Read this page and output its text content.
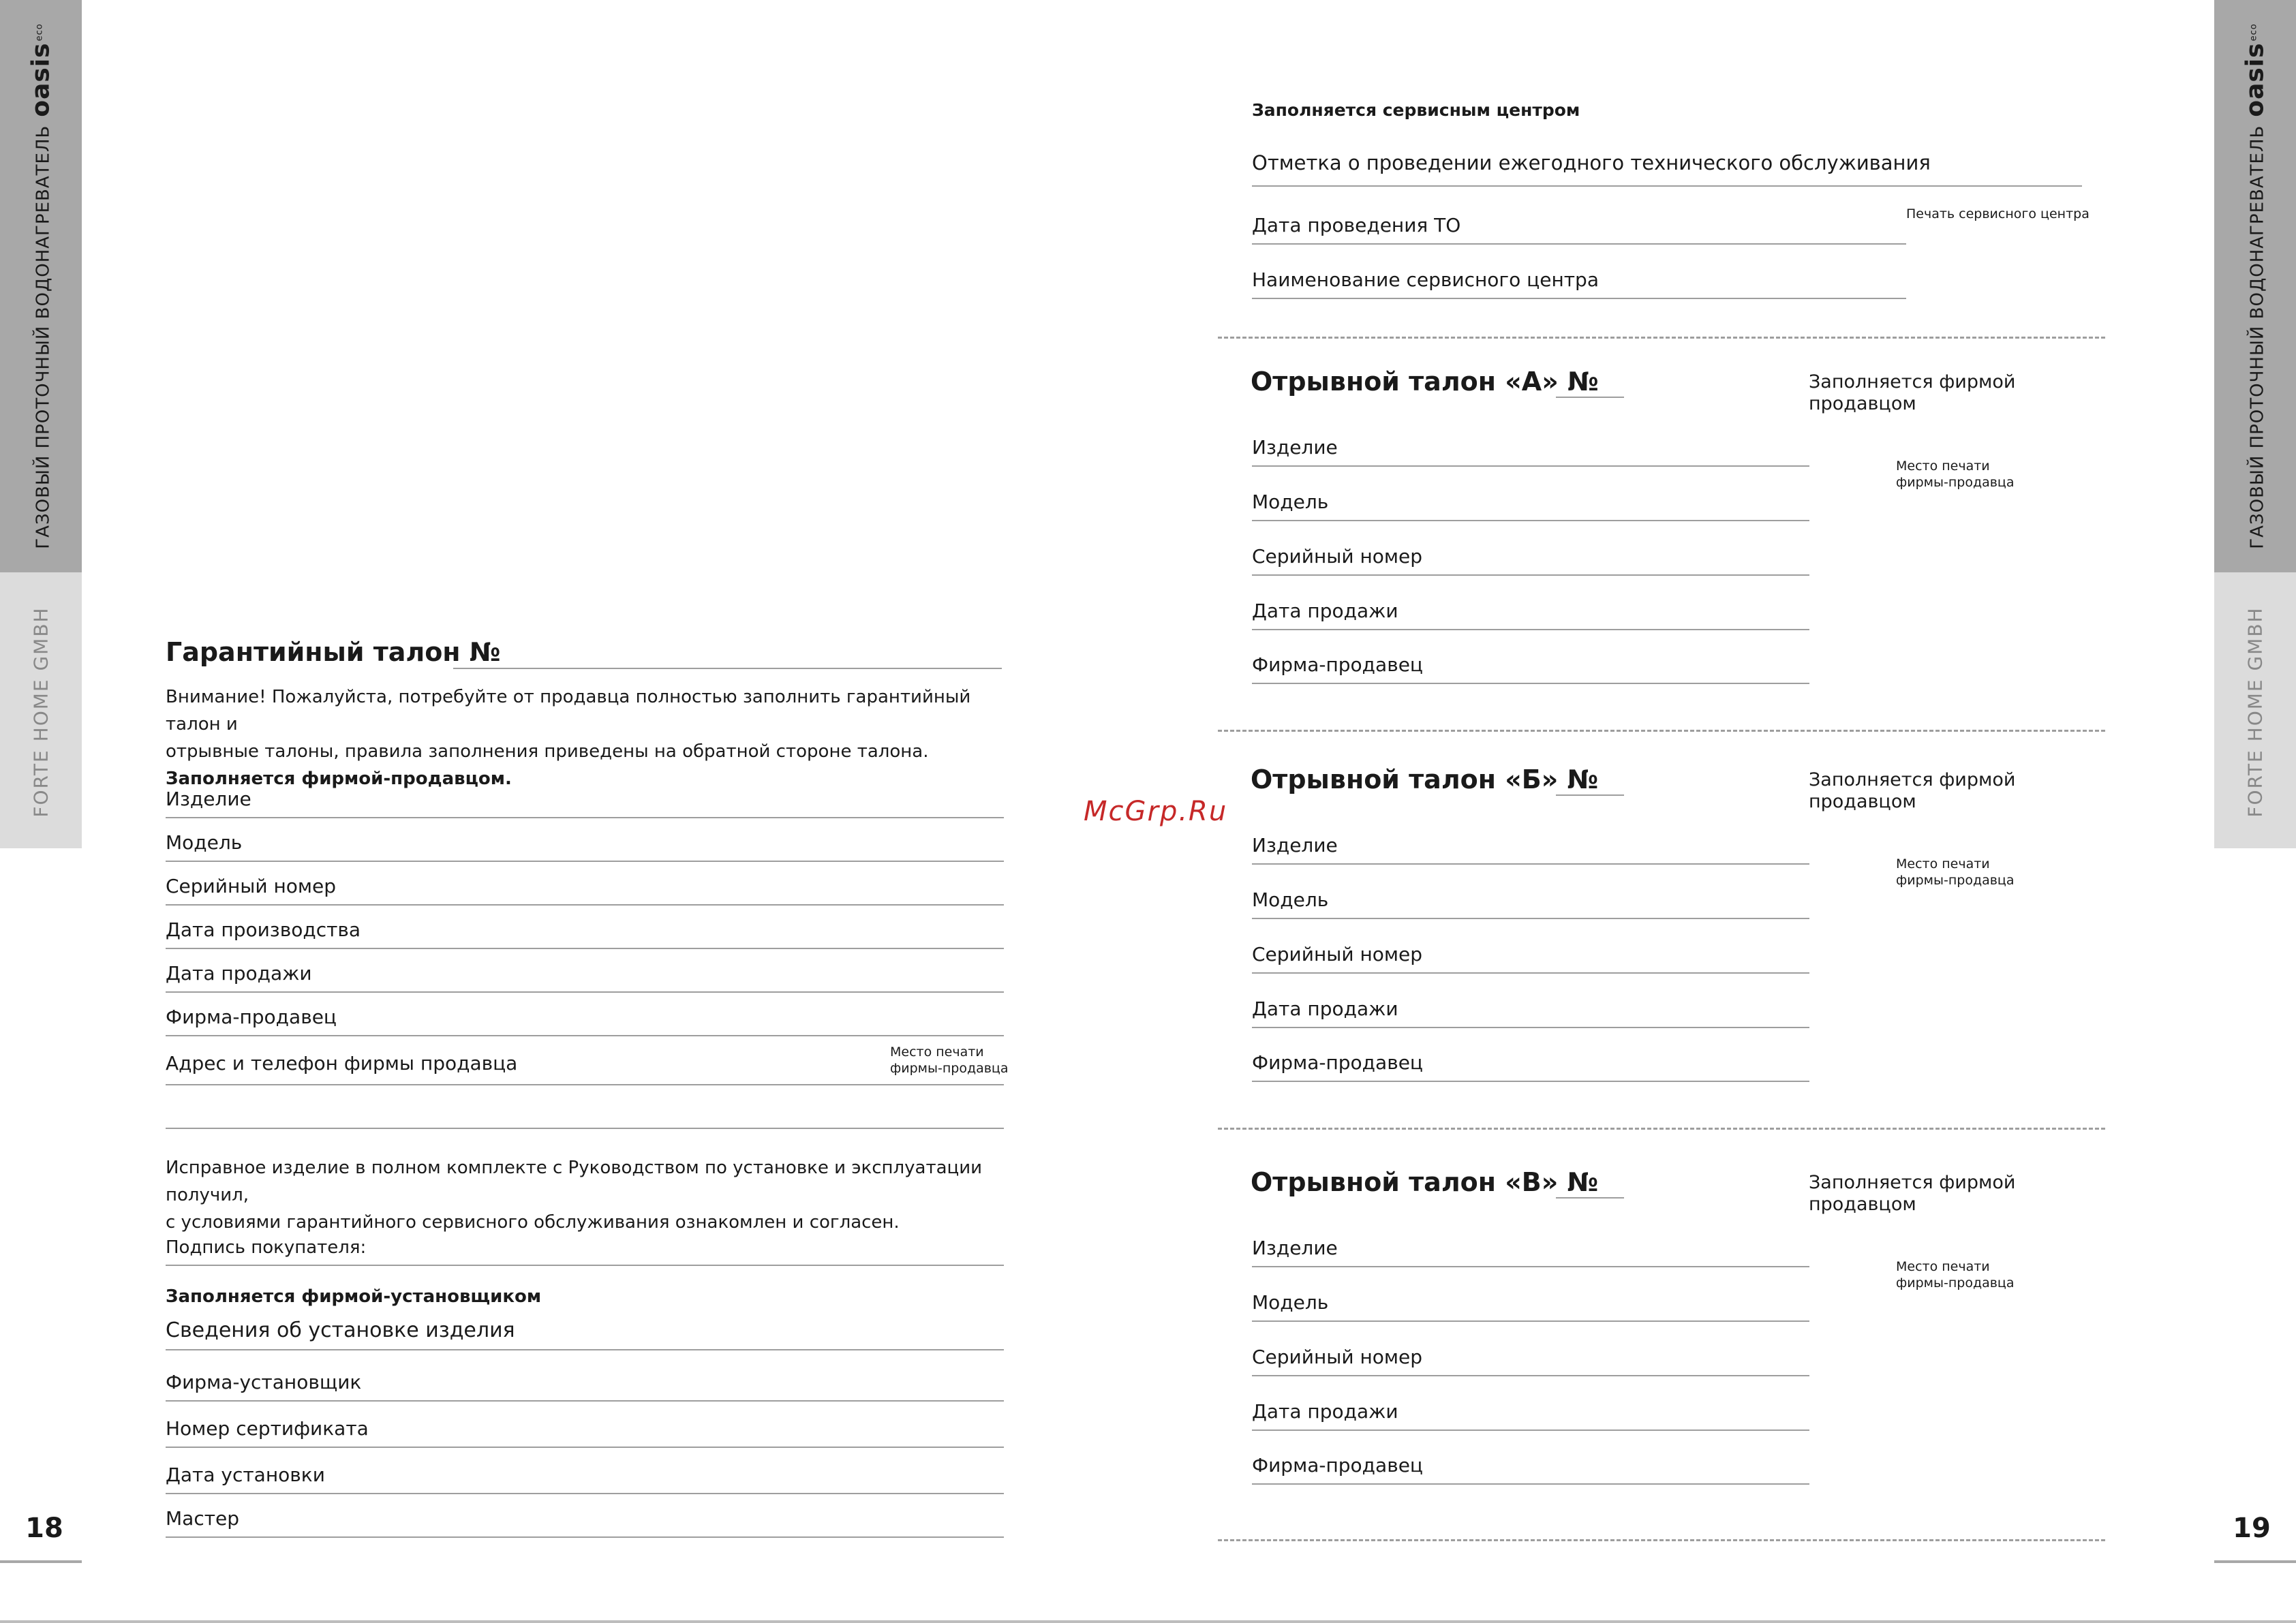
ГАЗОВЫЙ ПРОТОЧНЫЙ ВОДОНАГРЕВАТЕЛЬoasis$^{eco}$
FORTE HOME GMBH
ГАЗОВЫЙ ПРОТОЧНЫЙ ВОДОНАГРЕВАТЕЛЬoasis$^{eco}$
FORTE HOME GMBH
18	19
McGrp.Ru
Гарантийный талон №
Внимание! Пожалуйста, потребуйте от продавца полностью заполнить гарантийный талон и
отрывные талоны, правила заполнения приведены на обратной стороне талона.
Заполняется фирмой-продавцом.
Изделие
Модель
Серийный номер
Дата производства
Дата продажи
Фирма-продавец
Адрес и телефон фирмы продавца	Место печати
фирмы-продавца
Исправное изделие в полном комплекте с Руководством по установке и эксплуатации получил,
с условиями гарантийного сервисного обслуживания ознакомлен и согласен.
Подпись покупателя:
Заполняется фирмой-установщиком
Сведения об установке изделия
Фирма-установщик
Номер сертификата
Дата установки
Мастер
Заполняется сервисным центром
Отметка о проведении ежегодного технического обслуживания
Дата проведения ТО	Печать сервисного центра
Наименование сервисного центра
Отрывной талон «А» №	Заполняется фирмой
продавцом
Место печати
фирмы-продавца
Изделие
Модель
Серийный номер
Дата продажи
Фирма-продавец
Отрывной талон «Б» №	Заполняется фирмой
продавцом
Место печати
фирмы-продавца
Изделие
Модель
Серийный номер
Дата продажи
Фирма-продавец
Отрывной талон «В» №	Заполняется фирмой
продавцом
Место печати
фирмы-продавца
Изделие
Модель
Серийный номер
Дата продажи
Фирма-продавец
